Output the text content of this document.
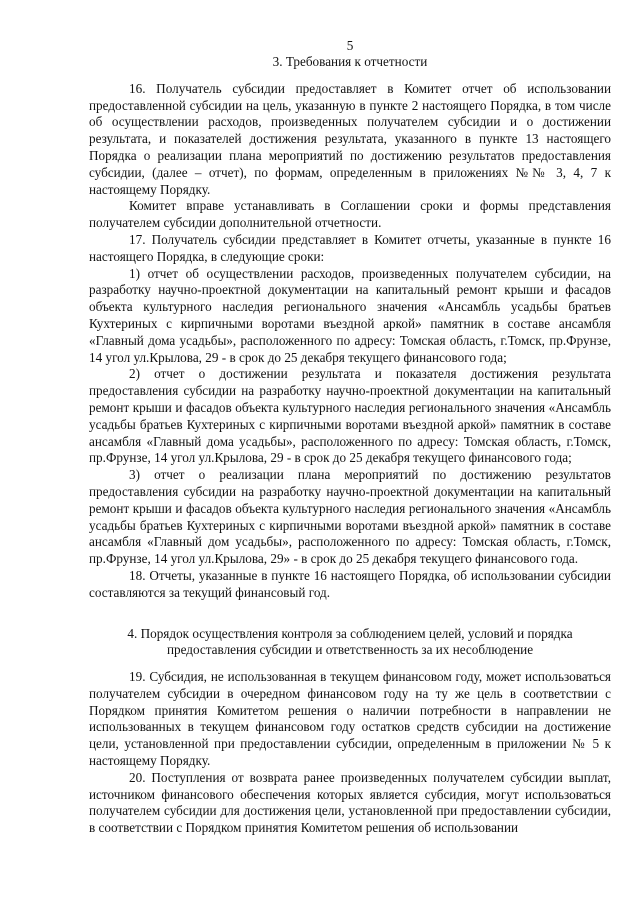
5

3. Требования к отчетности

16. Получатель субсидии предоставляет в Комитет отчет об использовании предоставленной субсидии на цель, указанную в пункте 2 настоящего Порядка, в том числе об осуществлении расходов, произведенных получателем субсидии и о достижении результата, и показателей достижения результата, указанного в пункте 13 настоящего Порядка о реализации плана мероприятий по достижению результатов предоставления субсидии, (далее – отчет), по формам, определенным в приложениях №№ 3, 4, 7 к настоящему Порядку.

Комитет вправе устанавливать в Соглашении сроки и формы представления получателем субсидии дополнительной отчетности.

17. Получатель субсидии представляет в Комитет отчеты, указанные в пункте 16 настоящего Порядка, в следующие сроки:

1) отчет об осуществлении расходов, произведенных получателем субсидии, на разработку научно-проектной документации на капитальный ремонт крыши и фасадов объекта культурного наследия регионального значения «Ансамбль усадьбы братьев Кухтериных с кирпичными воротами въездной аркой» памятник в составе ансамбля «Главный дома усадьбы», расположенного по адресу: Томская область, г.Томск, пр.Фрунзе, 14 угол ул.Крылова, 29 - в срок до 25 декабря текущего финансового года;

2) отчет о достижении результата и показателя достижения результата предоставления субсидии на разработку научно-проектной документации на капитальный ремонт крыши и фасадов объекта культурного наследия регионального значения «Ансамбль усадьбы братьев Кухтериных с кирпичными воротами въездной аркой» памятник в составе ансамбля «Главный дома усадьбы», расположенного по адресу: Томская область, г.Томск, пр.Фрунзе, 14 угол ул.Крылова, 29 - в срок до 25 декабря текущего финансового года;

3) отчет о реализации плана мероприятий по достижению результатов предоставления субсидии на разработку научно-проектной документации на капитальный ремонт крыши и фасадов объекта культурного наследия регионального значения «Ансамбль усадьбы братьев Кухтериных с кирпичными воротами въездной аркой» памятник в составе ансамбля «Главный дом усадьбы», расположенного по адресу: Томская область, г.Томск, пр.Фрунзе, 14 угол ул.Крылова, 29» - в срок до 25 декабря текущего финансового года.

18. Отчеты, указанные в пункте 16 настоящего Порядка, об использовании субсидии составляются за текущий финансовый год.

4. Порядок осуществления контроля за соблюдением целей, условий и порядка
предоставления субсидии и ответственность за их несоблюдение

19. Субсидия, не использованная в текущем финансовом году, может использоваться получателем субсидии в очередном финансовом году на ту же цель в соответствии с Порядком принятия Комитетом решения о наличии потребности в направлении не использованных в текущем финансовом году остатков средств субсидии на достижение цели, установленной при предоставлении субсидии, определенным в приложении № 5 к настоящему Порядку.

20. Поступления от возврата ранее произведенных получателем субсидии выплат, источником финансового обеспечения которых является субсидия, могут использоваться получателем субсидии для достижения цели, установленной при предоставлении субсидии, в соответствии с Порядком принятия Комитетом решения об использовании
